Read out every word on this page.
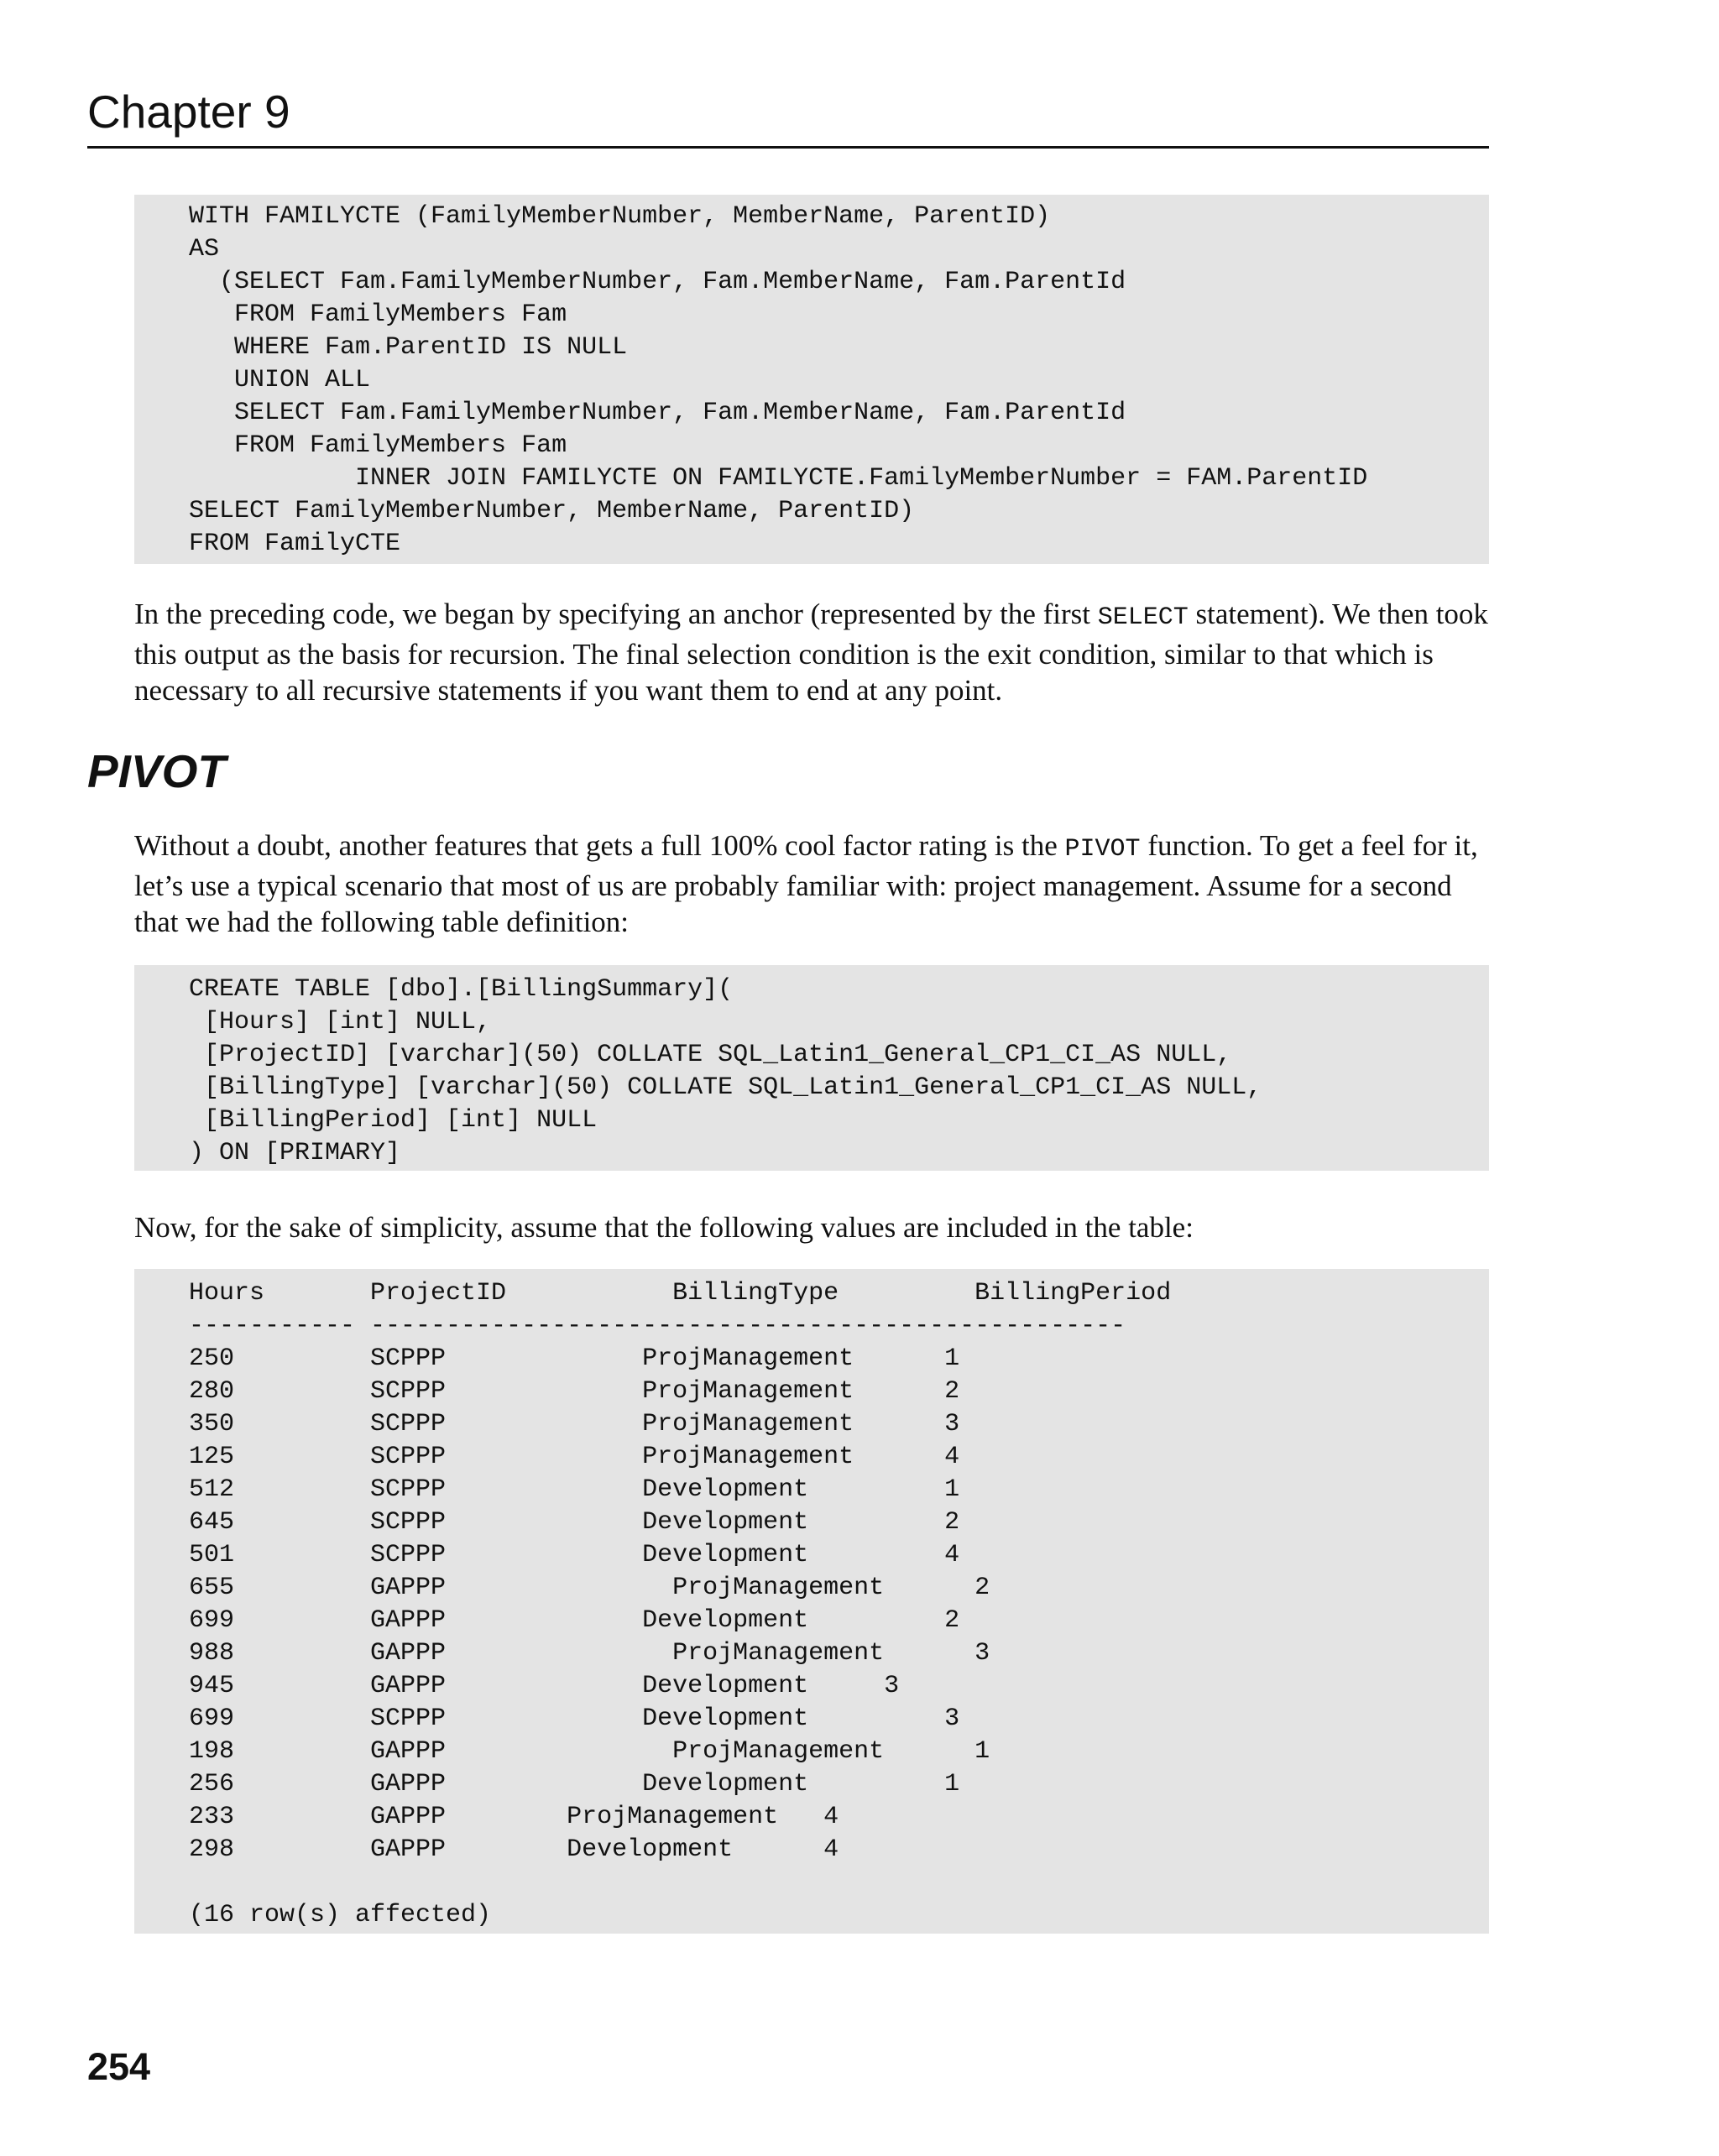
Chapter 9
WITH FAMILYCTE (FamilyMemberNumber, MemberName, ParentID)
AS
(SELECT Fam.FamilyMemberNumber, Fam.MemberName, Fam.ParentId
FROM FamilyMembers Fam
WHERE Fam.ParentID IS NULL
UNION ALL
SELECT Fam.FamilyMemberNumber, Fam.MemberName, Fam.ParentId
FROM FamilyMembers Fam
INNER JOIN FAMILYCTE ON FAMILYCTE.FamilyMemberNumber = FAM.ParentID
SELECT FamilyMemberNumber, MemberName, ParentID)
FROM FamilyCTE
In the preceding code, we began by specifying an anchor (represented by the first SELECT statement). We then took this output as the basis for recursion. The final selection condition is the exit condition, similar to that which is necessary to all recursive statements if you want them to end at any point.
PIVOT
Without a doubt, another features that gets a full 100% cool factor rating is the PIVOT function. To get a feel for it, let’s use a typical scenario that most of us are probably familiar with: project management. Assume for a second that we had the following table definition:
CREATE TABLE [dbo].[BillingSummary](
[Hours] [int] NULL,
[ProjectID] [varchar](50) COLLATE SQL_Latin1_General_CP1_CI_AS NULL,
[BillingType] [varchar](50) COLLATE SQL_Latin1_General_CP1_CI_AS NULL,
[BillingPeriod] [int] NULL
) ON [PRIMARY]
Now, for the sake of simplicity, assume that the following values are included in the table:
Hours       ProjectID           BillingType         BillingPeriod
----------- --------------------------------------------------
250         SCPPP             ProjManagement      1
280         SCPPP             ProjManagement      2
350         SCPPP             ProjManagement      3
125         SCPPP             ProjManagement      4
512         SCPPP             Development         1
645         SCPPP             Development         2
501         SCPPP             Development         4
655         GAPPP               ProjManagement      2
699         GAPPP             Development         2
988         GAPPP               ProjManagement      3
945         GAPPP             Development     3
699         SCPPP             Development         3
198         GAPPP               ProjManagement      1
256         GAPPP             Development         1
233         GAPPP        ProjManagement   4
298         GAPPP        Development      4
(16 row(s) affected)
254
